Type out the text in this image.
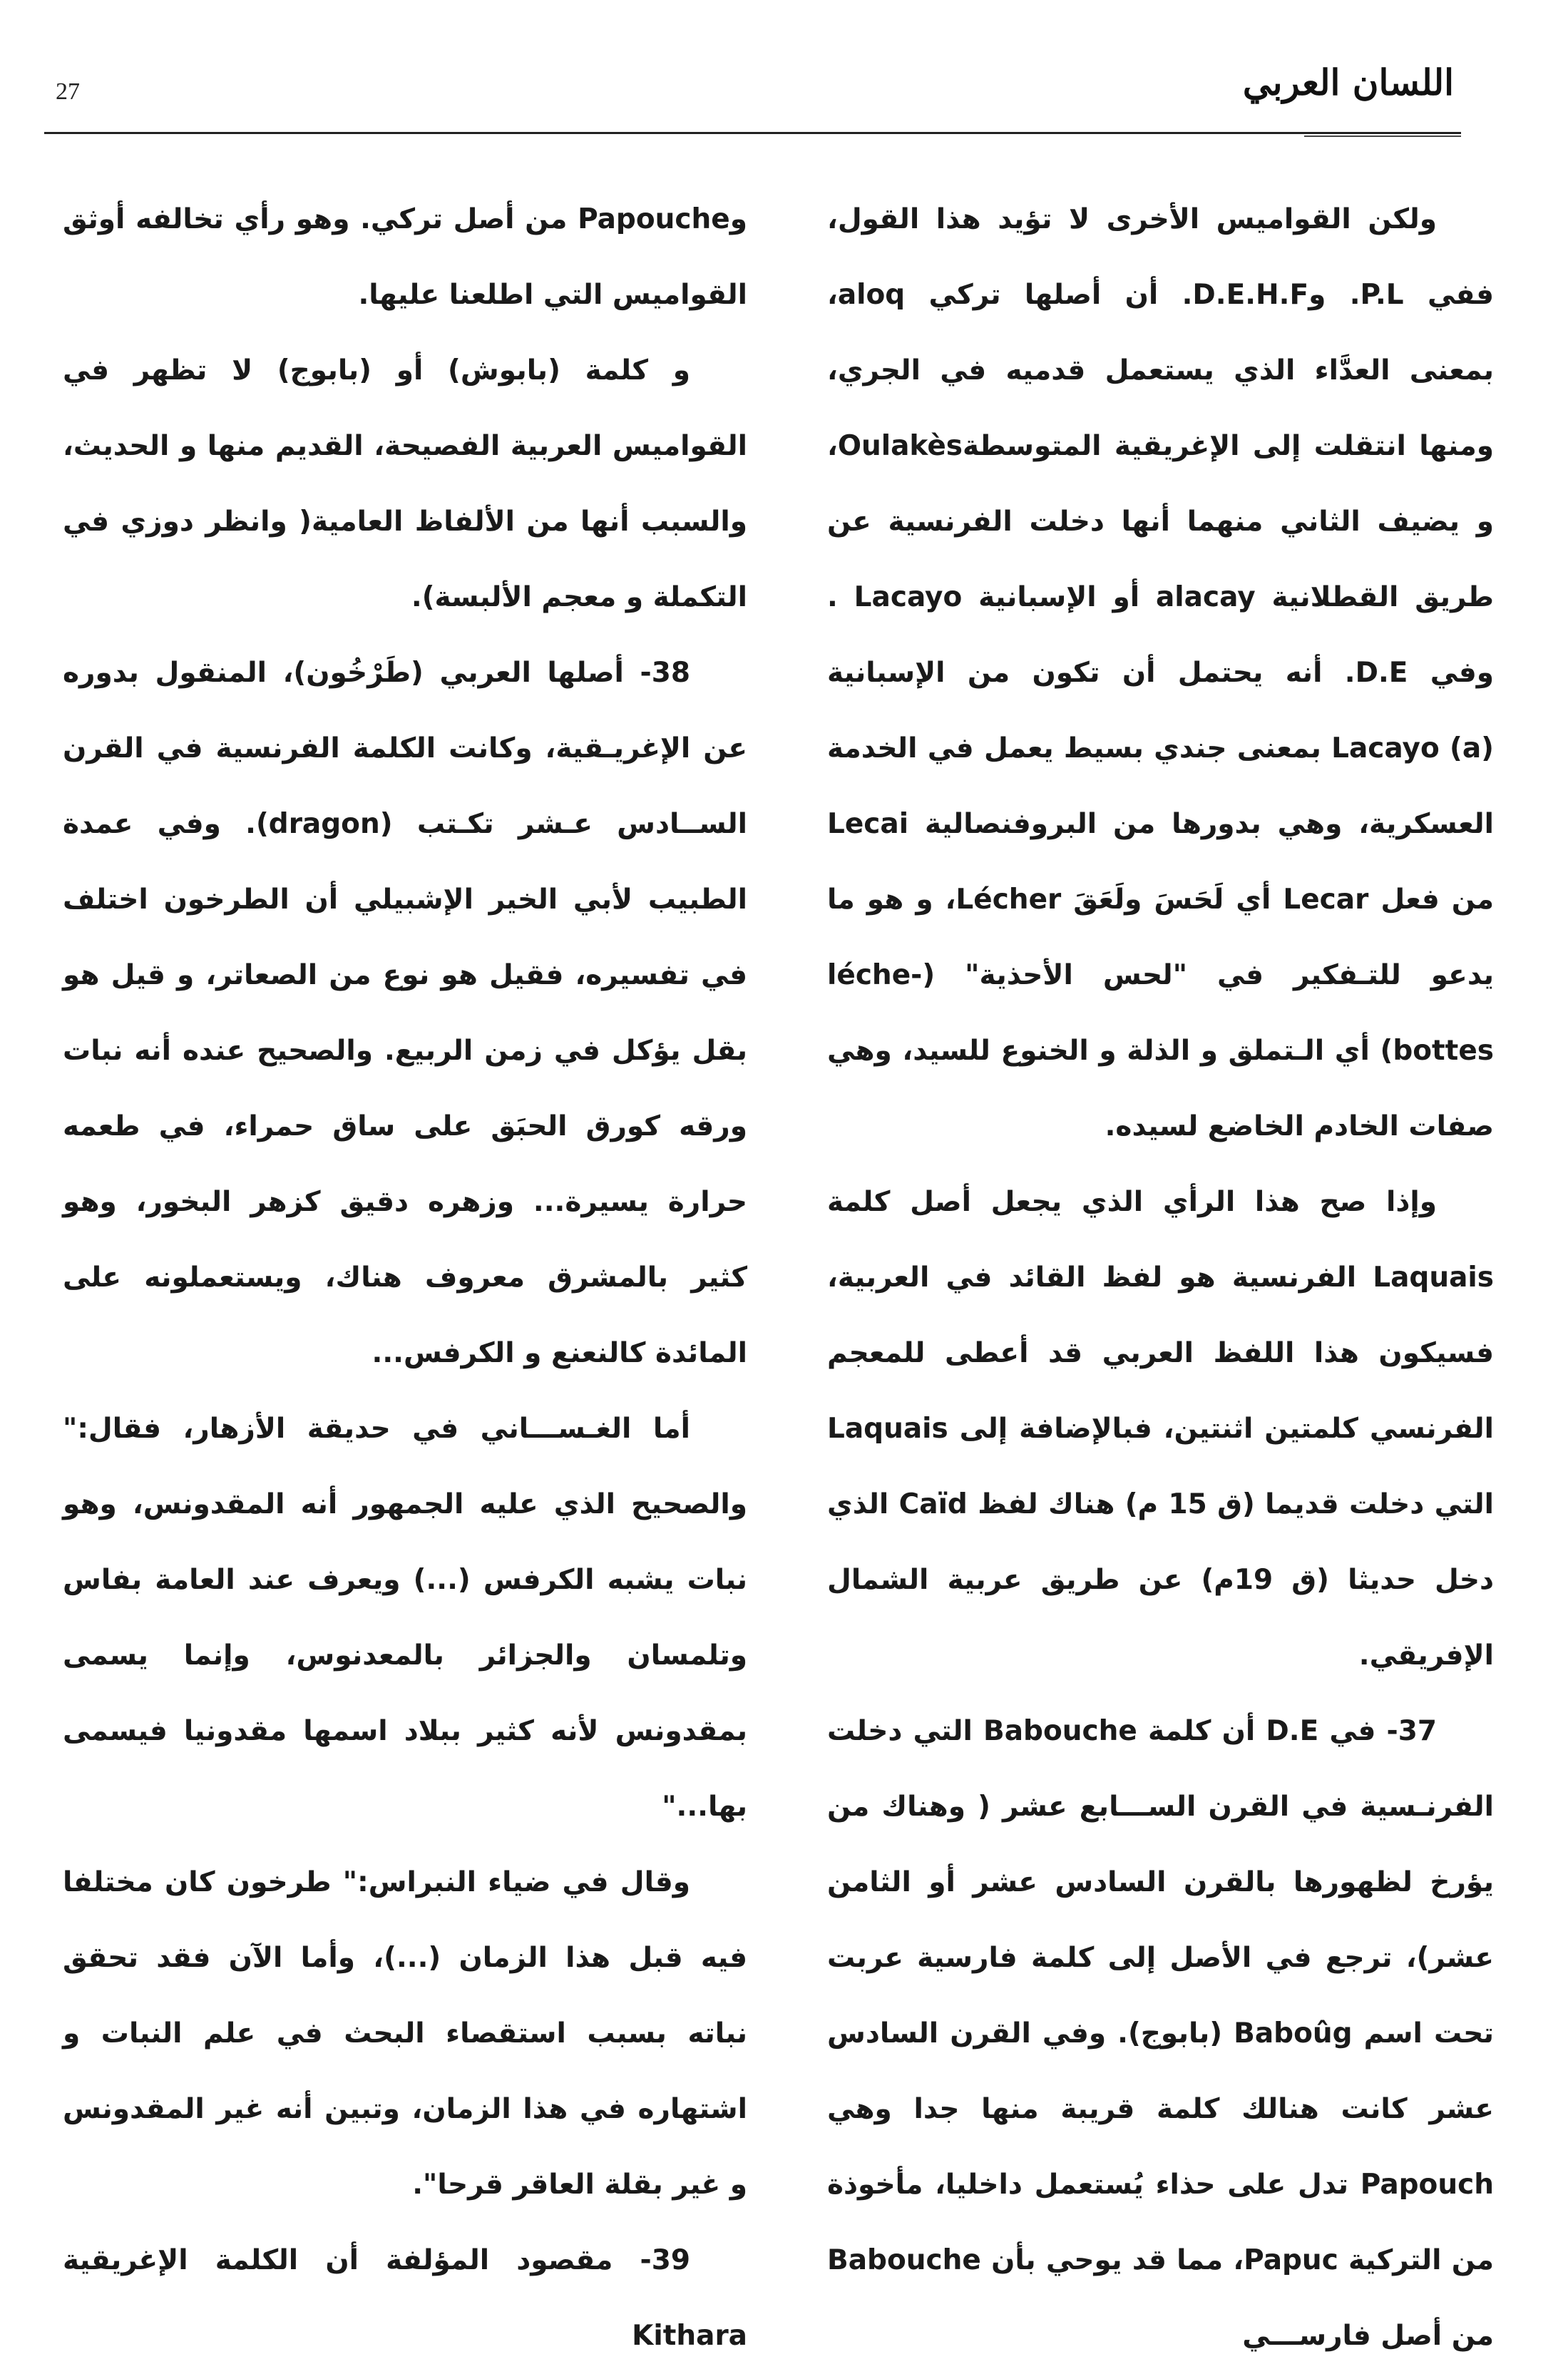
27	اللسان العربي

ولكن القواميس الأخرى لا تؤيد هذا القول، ففي P.L. وD.E.H.F. أن أصلها تركي aloq، بمعنى العدَّاء الذي يستعمل قدميه في الجري، ومنها انتقلت إلى الإغريقية المتوسطةOulakès، و يضيف الثاني منهما أنها دخلت الفرنسية عن طريق القطلانية alacay أو الإسبانية Lacayo . وفي D.E. أنه يحتمل أن تكون من الإسبانية Lacayo (a) بمعنى جندي بسيط يعمل في الخدمة العسكرية، وهي بدورها من البروفنصالية Lecai من فعل Lecar أي لَحَسَ ولَعَقَ Lécher، و هو ما يدعو للتـفكير في "لحس الأحذية" (léche-bottes) أي الـتملق و الذلة و الخنوع للسيد، وهي صفات الخادم الخاضع لسيده.

وإذا صح هذا الرأي الذي يجعل أصل كلمة Laquais الفرنسية هو لفظ القائد في العربية، فسيكون هذا اللفظ العربي قد أعطى للمعجم الفرنسي كلمتين اثنتين، فبالإضافة إلى Laquais التي دخلت قديما (ق 15 م) هناك لفظ Caïd الذي دخل حديثا (ق 19م) عن طريق عربية الشمال الإفريقي.

37- في D.E أن كلمة Babouche التي دخلت الفرنـسية في القرن الســـابع عشر ( وهناك من يؤرخ لظهورها بالقرن السادس عشر أو الثامن عشر)، ترجع في الأصل إلى كلمة فارسية عربت تحت اسم Baboûg (بابوج). وفي القرن السادس عشر كانت هنالك كلمة قريبة منها جدا وهي Papouch تدل على حذاء يُستعمل داخليا، مأخوذة من التركية Papuc، مما قد يوحي بأن Babouche من أصل فارســـي

وPapouche من أصل تركي. وهو رأي تخالفه أوثق القواميس التي اطلعنا عليها.

و كلمة (بابوش) أو (بابوج) لا تظهر في القواميس العربية الفصيحة، القديم منها و الحديث، والسبب أنها من الألفاظ العامية( وانظر دوزي في التكملة و معجم الألبسة).

38- أصلها العربي (طَرْخُون)، المنقول بدوره عن الإغريـقية، وكانت الكلمة الفرنسية في القرن الســادس عـشر تكـتب (dragon). وفي عمدة الطبيب لأبي الخير الإشبيلي أن الطرخون اختلف في تفسيره، فقيل هو نوع من الصعاتر، و قيل هو بقل يؤكل في زمن الربيع. والصحيح عنده أنه نبات ورقه كورق الحبَق على ساق حمراء، في طعمه حرارة يسيرة... وزهره دقيق كزهر البخور، وهو كثير بالمشرق معروف هناك، ويستعملونه على المائدة كالنعنع و الكرفس...

أما الغـســـاني في حديقة الأزهار، فقال:" والصحيح الذي عليه الجمهور أنه المقدونس، وهو نبات يشبه الكرفس (...) ويعرف عند العامة بفاس وتلمسان والجزائر بالمعدنوس، وإنما يسمى بمقدونس لأنه كثير ببلاد اسمها مقدونيا فيسمى بها..."

وقال في ضياء النبراس:" طرخون كان مختلفا فيه قبل هذا الزمان (...)، وأما الآن فقد تحقق نباته بسبب استقصاء البحث في علم النبات و اشتهاره في هذا الزمان، وتبين أنه غير المقدونس و غير بقلة العاقر قرحا".

39- مقصود المؤلفة أن الكلمة الإغريقية Kithara
